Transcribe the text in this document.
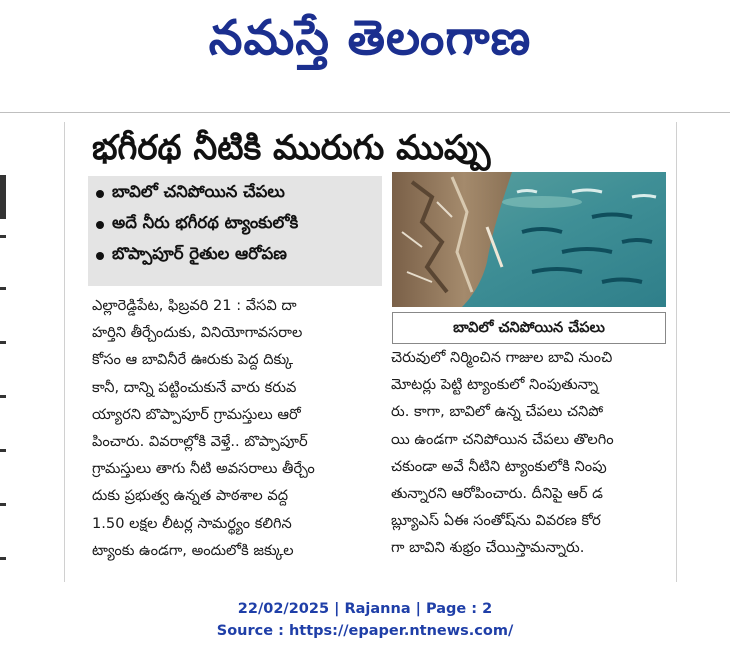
నమస్తే తెలంగాణ
భగీరథ నీటికి మురుగు ముప్పు
బావిలో చనిపోయిన చేపలు
అదే నీరు భగీరథ ట్యాంకులోకి
బొప్పాపూర్ రైతుల ఆరోపణ
బావిలో చనిపోయిన చేపలు
ఎల్లారెడ్డిపేట, ఫిబ్రవరి 21 : వేసవి దా
హర్తిని తీర్చేందుకు, వినియోగావసరాల
కోసం ఆ బావినీరే ఊరుకు పెద్ద దిక్కు
కానీ, దాన్ని పట్టించుకునే వారు కరువ
య్యారని బొప్పాపూర్ గ్రామస్తులు ఆరో
పించారు. వివరాల్లోకి వెళ్తే.. బొప్పాపూర్
గ్రామస్తులు తాగు నీటి అవసరాలు తీర్చేం
దుకు ప్రభుత్వ ఉన్నత పాఠశాల వద్ద
1.50 లక్షల లీటర్ల సామర్థ్యం కలిగిన
ట్యాంకు ఉండగా, అందులోకి జక్కుల
చెరువులో నిర్మించిన గాజుల బావి నుంచి
మోటర్లు పెట్టి ట్యాంకులో నింపుతున్నా
రు. కాగా, బావిలో ఉన్న చేపలు చనిపో
యి ఉండగా చనిపోయిన చేపలు తొలగిం
చకుండా అవే నీటిని ట్యాంకులోకి నింపు
తున్నారని ఆరోపించారు. దీనిపై ఆర్ డ
బ్ల్యూఎస్ ఏఈ సంతోష్‌ను వివరణ కోర
గా బావిని శుభ్రం చేయిస్తామన్నారు.
22/02/2025 | Rajanna | Page : 2
Source : https://epaper.ntnews.com/
